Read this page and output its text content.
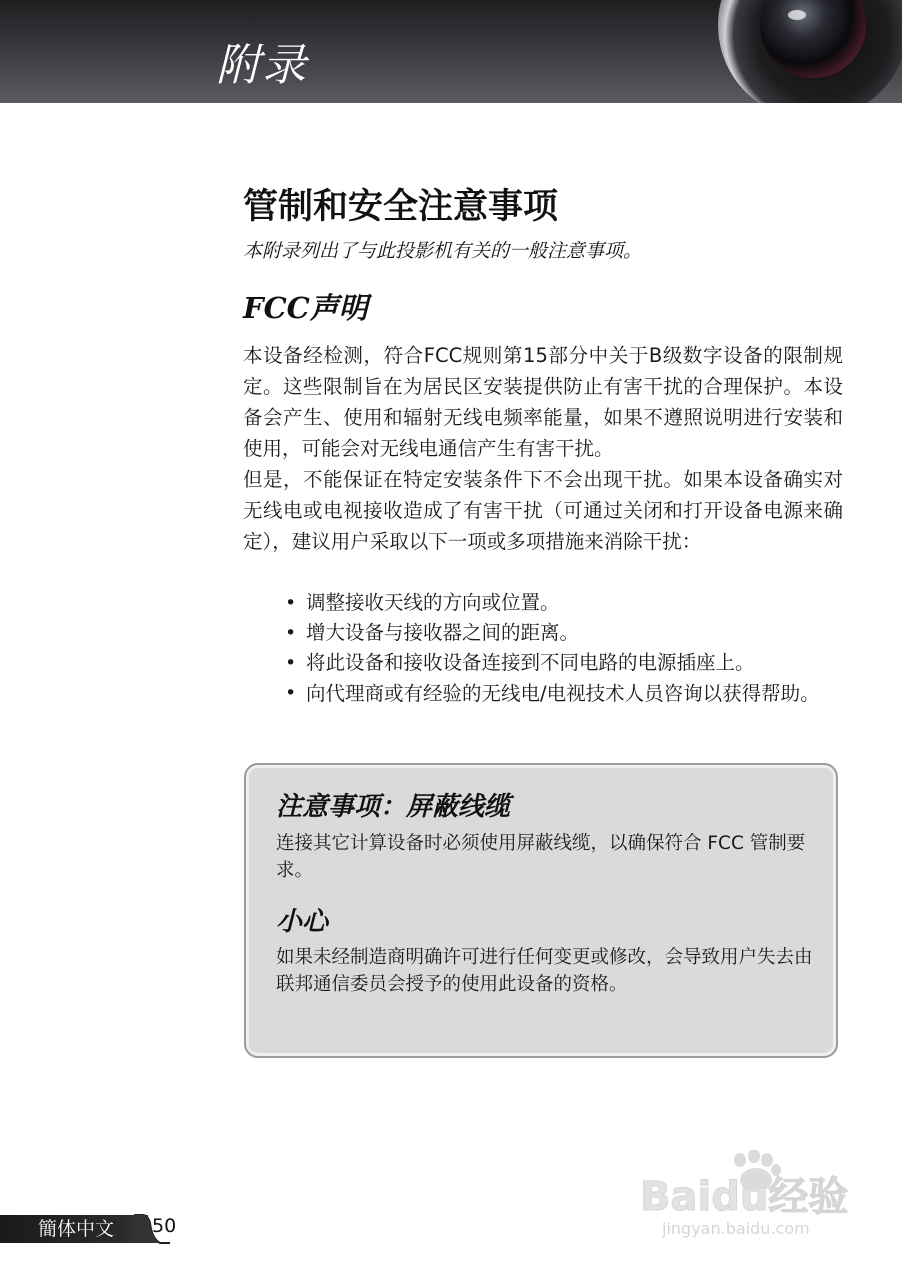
附录
管制和安全注意事项

本附录列出了与此投影机有关的一般注意事项。

FCC声明

本设备经检测，符合FCC规则第15部分中关于B级数字设备的限制规定。这些限制旨在为居民区安装提供防止有害干扰的合理保护。本设备会产生、使用和辐射无线电频率能量，如果不遵照说明进行安装和使用，可能会对无线电通信产生有害干扰。

但是，不能保证在特定安装条件下不会出现干扰。如果本设备确实对无线电或电视接收造成了有害干扰（可通过关闭和打开设备电源来确定），建议用户采取以下一项或多项措施来消除干扰：

• 调整接收天线的方向或位置。
• 增大设备与接收器之间的距离。
• 将此设备和接收设备连接到不同电路的电源插座上。
• 向代理商或有经验的无线电/电视技术人员咨询以获得帮助。
注意事项：屏蔽线缆

连接其它计算设备时必须使用屏蔽线缆，以确保符合 FCC 管制要求。

小心

如果未经制造商明确许可进行任何变更或修改，会导致用户失去由联邦通信委员会授予的使用此设备的资格。

簡体中文 50
Baidu经验
jingyan.baidu.com
